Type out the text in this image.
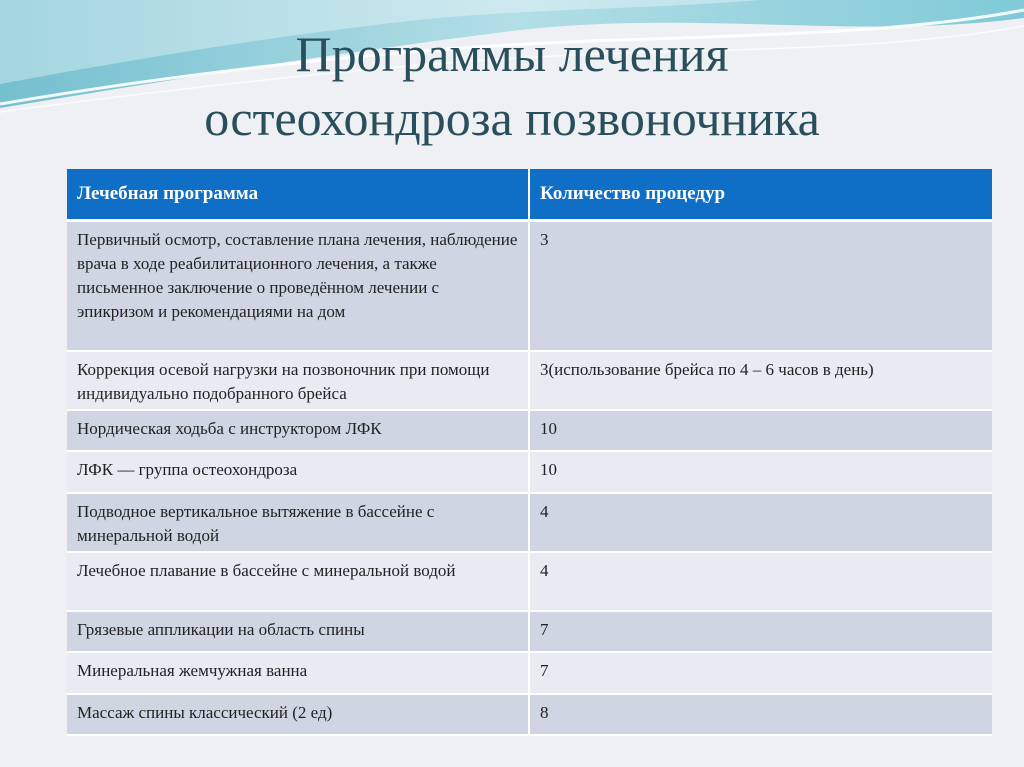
Программы лечения
остеохондроза позвоночника
Лечебная программа	Количество процедур
Первичный осмотр, составление плана лечения, наблюдение врача в ходе реабилитационного лечения, а также письменное заключение о проведённом лечении с эпикризом и рекомендациями на дом	3
Коррекция осевой нагрузки на позвоночник при помощи индивидуально подобранного брейса	3(использование брейса по 4 – 6 часов в день)
Нордическая ходьба с инструктором ЛФК	10
ЛФК — группа остеохондроза	10
Подводное вертикальное вытяжение в бассейне с минеральной водой	4
Лечебное плавание в бассейне с минеральной водой	4
Грязевые аппликации на область спины	7
Минеральная жемчужная ванна	7
Массаж спины классический (2 ед)	8
